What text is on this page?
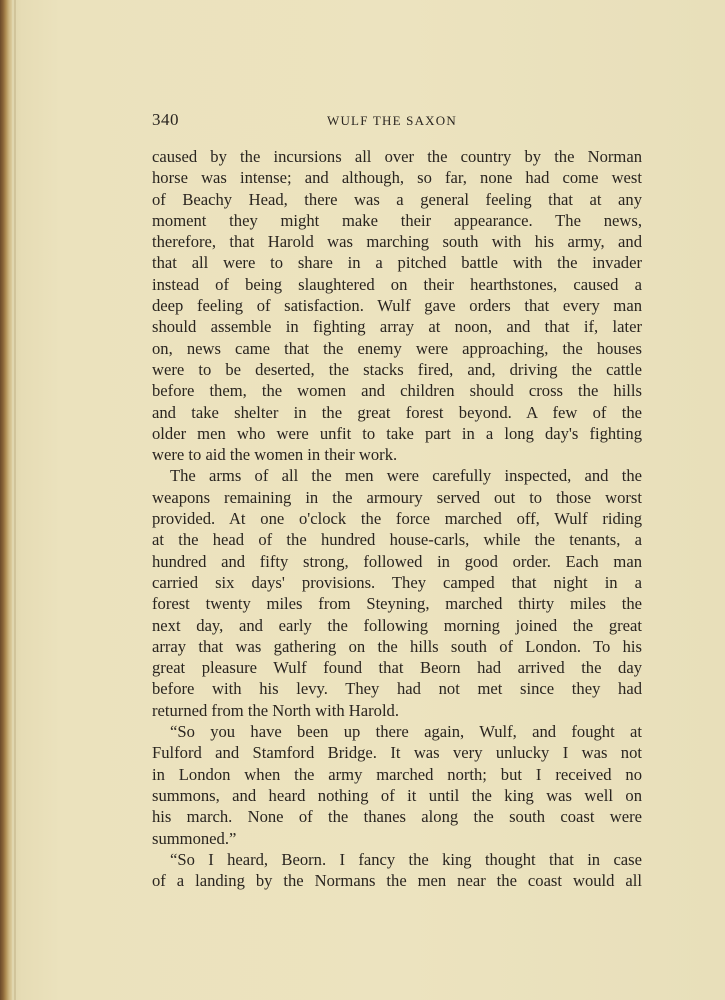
340	WULF THE SAXON
caused by the incursions all over the country by the Norman
horse was intense; and although, so far, none had come west
of Beachy Head, there was a general feeling that at any
moment they might make their appearance. The news,
therefore, that Harold was marching south with his army, and
that all were to share in a pitched battle with the invader
instead of being slaughtered on their hearthstones, caused a
deep feeling of satisfaction. Wulf gave orders that every man
should assemble in fighting array at noon, and that if, later
on, news came that the enemy were approaching, the houses
were to be deserted, the stacks fired, and, driving the cattle
before them, the women and children should cross the hills
and take shelter in the great forest beyond. A few of the
older men who were unfit to take part in a long day's fighting
were to aid the women in their work.
The arms of all the men were carefully inspected, and the
weapons remaining in the armoury served out to those worst
provided. At one o'clock the force marched off, Wulf riding
at the head of the hundred house-carls, while the tenants, a
hundred and fifty strong, followed in good order. Each man
carried six days' provisions. They camped that night in a
forest twenty miles from Steyning, marched thirty miles the
next day, and early the following morning joined the great
array that was gathering on the hills south of London. To his
great pleasure Wulf found that Beorn had arrived the day
before with his levy. They had not met since they had
returned from the North with Harold.
“So you have been up there again, Wulf, and fought at
Fulford and Stamford Bridge. It was very unlucky I was not
in London when the army marched north; but I received no
summons, and heard nothing of it until the king was well on
his march. None of the thanes along the south coast were
summoned.”
“So I heard, Beorn. I fancy the king thought that in case
of a landing by the Normans the men near the coast would all
